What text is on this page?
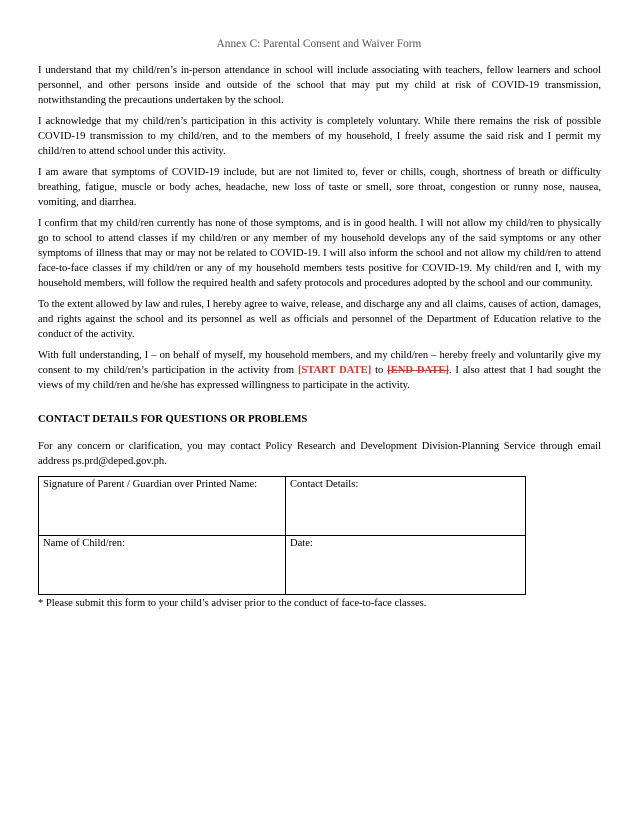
Annex C: Parental Consent and Waiver Form

I understand that my child/ren’s in-person attendance in school will include associating with teachers, fellow learners and school personnel, and other persons inside and outside of the school that may put my child at risk of COVID-19 transmission, notwithstanding the precautions undertaken by the school.

I acknowledge that my child/ren’s participation in this activity is completely voluntary. While there remains the risk of possible COVID-19 transmission to my child/ren, and to the members of my household, I freely assume the said risk and I permit my child/ren to attend school under this activity.

I am aware that symptoms of COVID-19 include, but are not limited to, fever or chills, cough, shortness of breath or difficulty breathing, fatigue, muscle or body aches, headache, new loss of taste or smell, sore throat, congestion or runny nose, nausea, vomiting, and diarrhea.

I confirm that my child/ren currently has none of those symptoms, and is in good health. I will not allow my child/ren to physically go to school to attend classes if my child/ren or any member of my household develops any of the said symptoms or any other symptoms of illness that may or may not be related to COVID-19. I will also inform the school and not allow my child/ren to attend face-to-face classes if my child/ren or any of my household members tests positive for COVID-19. My child/ren and I, with my household members, will follow the required health and safety protocols and procedures adopted by the school and our community.

To the extent allowed by law and rules, I hereby agree to waive, release, and discharge any and all claims, causes of action, damages, and rights against the school and its personnel as well as officials and personnel of the Department of Education relative to the conduct of the activity.

With full understanding, I – on behalf of myself, my household members, and my child/ren – hereby freely and voluntarily give my consent to my child/ren’s participation in the activity from [START DATE] to [END DATE]. I also attest that I had sought the views of my child/ren and he/she has expressed willingness to participate in the activity.

CONTACT DETAILS FOR QUESTIONS OR PROBLEMS

For any concern or clarification, you may contact Policy Research and Development Division-Planning Service through email address ps.prd@deped.gov.ph.

Signature of Parent / Guardian over Printed Name:	Contact Details:
Name of Child/ren:	Date:
* Please submit this form to your child’s adviser prior to the conduct of face-to-face classes.
